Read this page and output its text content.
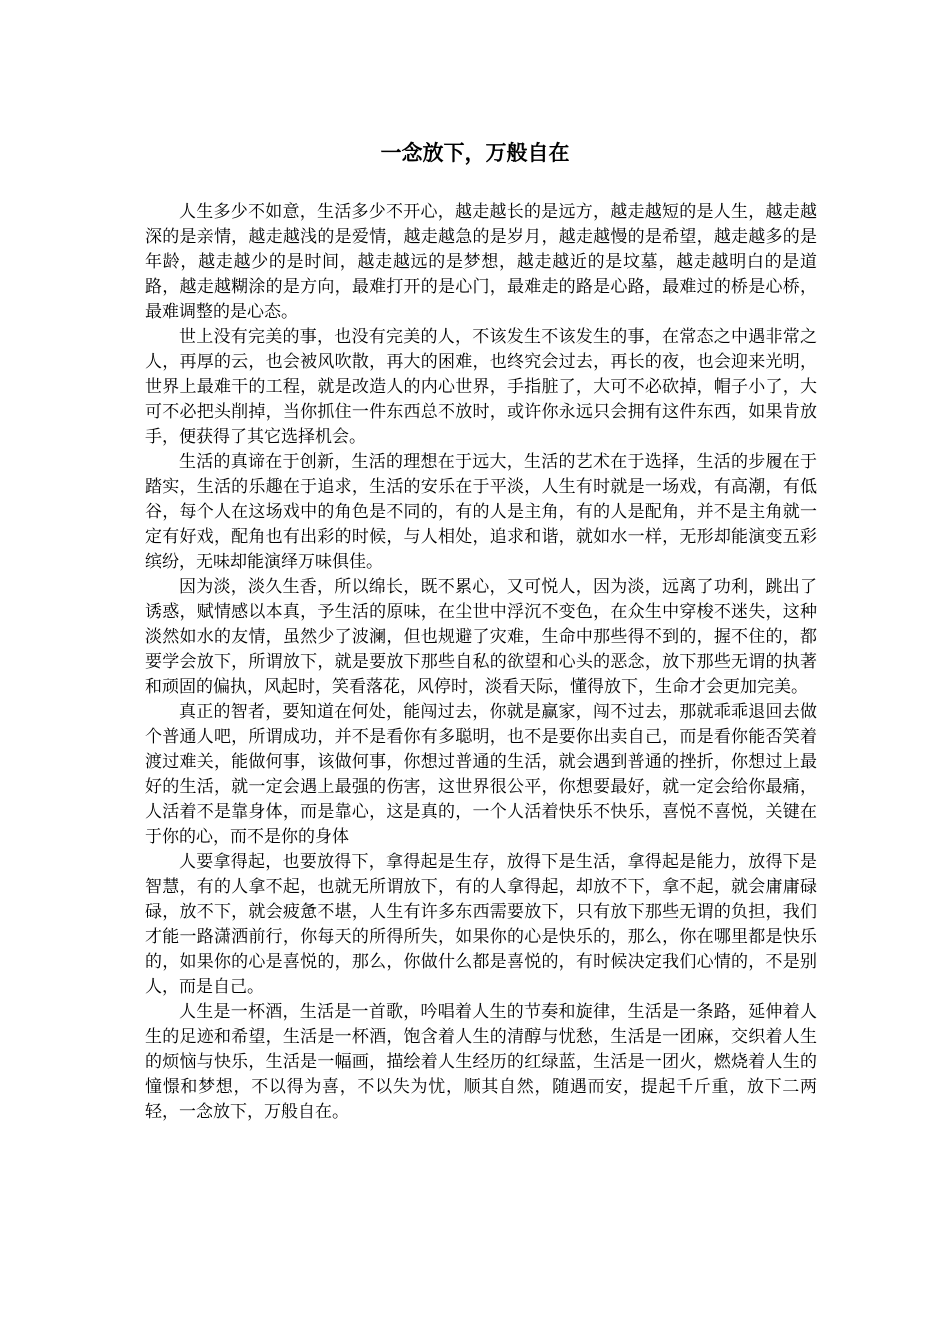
一念放下，万般自在

人生多少不如意，生活多少不开心，越走越长的是远方，越走越短的是人生，越走越深的是亲情，越走越浅的是爱情，越走越急的是岁月，越走越慢的是希望，越走越多的是年龄，越走越少的是时间，越走越远的是梦想，越走越近的是坟墓，越走越明白的是道路，越走越糊涂的是方向，最难打开的是心门，最难走的路是心路，最难过的桥是心桥，最难调整的是心态。

世上没有完美的事，也没有完美的人，不该发生不该发生的事，在常态之中遇非常之人，再厚的云，也会被风吹散，再大的困难，也终究会过去，再长的夜，也会迎来光明，世界上最难干的工程，就是改造人的内心世界，手指脏了，大可不必砍掉，帽子小了，大可不必把头削掉，当你抓住一件东西总不放时，或许你永远只会拥有这件东西，如果肯放手，便获得了其它选择机会。

生活的真谛在于创新，生活的理想在于远大，生活的艺术在于选择，生活的步履在于踏实，生活的乐趣在于追求，生活的安乐在于平淡，人生有时就是一场戏，有高潮，有低谷，每个人在这场戏中的角色是不同的，有的人是主角，有的人是配角，并不是主角就一定有好戏，配角也有出彩的时候，与人相处，追求和谐，就如水一样，无形却能演变五彩缤纷，无味却能演绎万味俱佳。

因为淡，淡久生香，所以绵长，既不累心，又可悦人，因为淡，远离了功利，跳出了诱惑，赋情感以本真，予生活的原味，在尘世中浮沉不变色，在众生中穿梭不迷失，这种淡然如水的友情，虽然少了波澜，但也规避了灾难，生命中那些得不到的，握不住的，都要学会放下，所谓放下，就是要放下那些自私的欲望和心头的恶念，放下那些无谓的执著和顽固的偏执，风起时，笑看落花，风停时，淡看天际，懂得放下，生命才会更加完美。

真正的智者，要知道在何处，能闯过去，你就是赢家，闯不过去，那就乖乖退回去做个普通人吧，所谓成功，并不是看你有多聪明，也不是要你出卖自己，而是看你能否笑着渡过难关，能做何事，该做何事，你想过普通的生活，就会遇到普通的挫折，你想过上最好的生活，就一定会遇上最强的伤害，这世界很公平，你想要最好，就一定会给你最痛，人活着不是靠身体，而是靠心，这是真的，一个人活着快乐不快乐，喜悦不喜悦，关键在于你的心，而不是你的身体

人要拿得起，也要放得下，拿得起是生存，放得下是生活，拿得起是能力，放得下是智慧，有的人拿不起，也就无所谓放下，有的人拿得起，却放不下，拿不起，就会庸庸碌碌，放不下，就会疲惫不堪，人生有许多东西需要放下，只有放下那些无谓的负担，我们才能一路潇洒前行，你每天的所得所失，如果你的心是快乐的，那么，你在哪里都是快乐的，如果你的心是喜悦的，那么，你做什么都是喜悦的，有时候决定我们心情的，不是别人，而是自己。

人生是一杯酒，生活是一首歌，吟唱着人生的节奏和旋律，生活是一条路，延伸着人生的足迹和希望，生活是一杯酒，饱含着人生的清醇与忧愁，生活是一团麻，交织着人生的烦恼与快乐，生活是一幅画，描绘着人生经历的红绿蓝，生活是一团火，燃烧着人生的憧憬和梦想，不以得为喜，不以失为忧，顺其自然，随遇而安，提起千斤重，放下二两轻，一念放下，万般自在。
